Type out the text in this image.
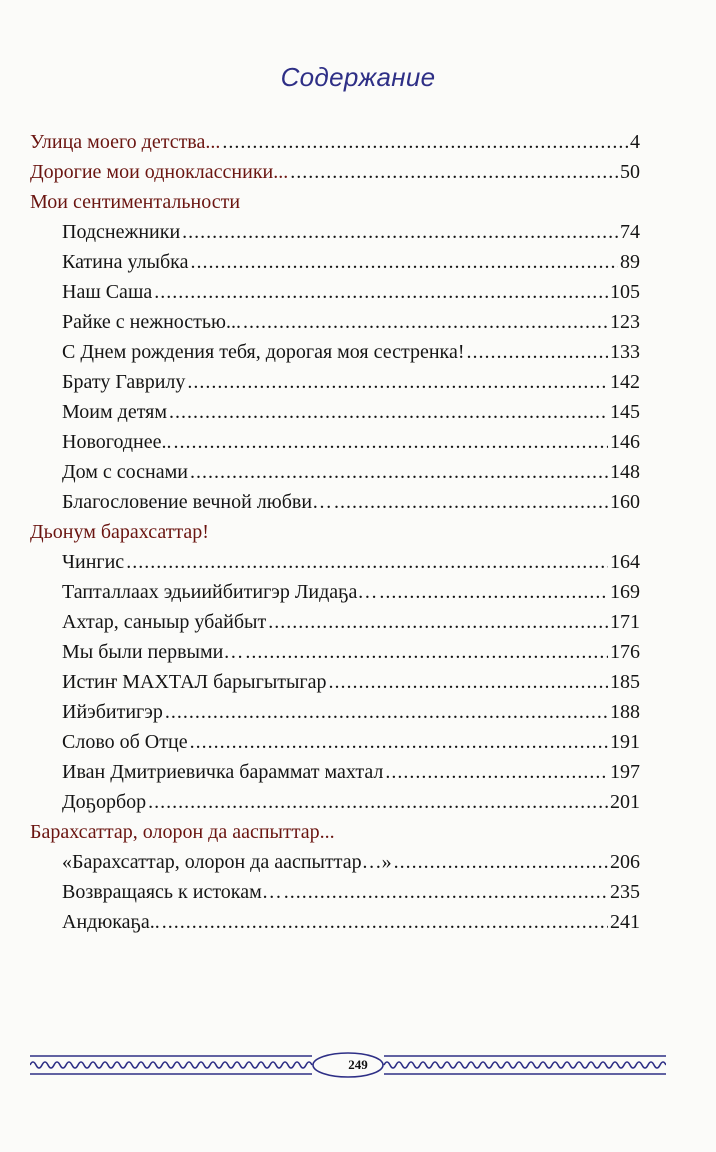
Содержание
Улица моего детства... .....	4
Дорогие мои одноклассники... .....	50
Мои сентиментальности
Подснежники .....	74
Катина улыбка .....	89
Наш Саша .....	105
Райке с нежностью... .....	123
С Днем рождения тебя, дорогая моя сестренка! .....	133
Брату Гаврилу .....	142
Моим детям .....	145
Новогоднее.. .....	146
Дом с соснами .....	148
Благословение вечной любви… .....	160
Дьонум барахсаттар!
Чингис .....	164
Тапталлаах эдьиийбитигэр Лидаҕа… .....	169
Ахтар, саныыр убайбыт .....	171
Мы были первыми… .....	176
Истиҥ МАХТАЛ барыгытыгар .....	185
Ийэбитигэр .....	188
Слово об Отце .....	191
Иван Дмитриевичка бараммат махтал .....	197
Доҕорбор .....	201
Барахсаттар, олорон да ааспыттар...
«Барахсаттар, олорон да ааспыттар…» .....	206
Возвращаясь к истокам… .....	235
Андюкаҕа.. .....	241
249
